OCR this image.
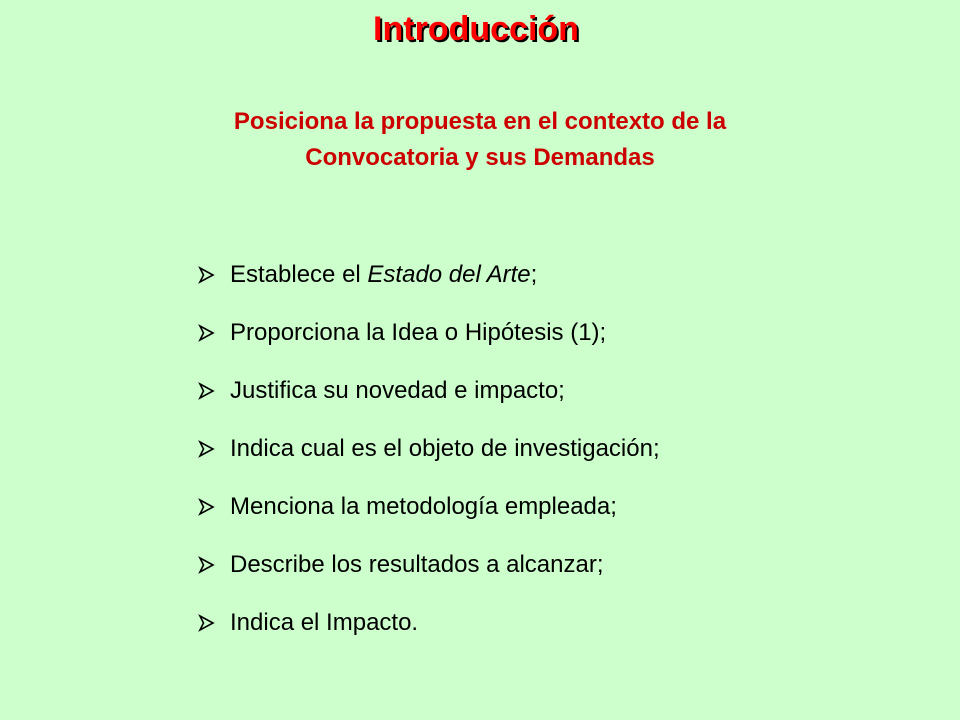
Introducción
Posiciona la propuesta en el contexto de la
Convocatoria y sus Demandas
Establece el Estado del Arte;
Proporciona la Idea o Hipótesis (1);
Justifica su novedad e impacto;
Indica cual es el objeto de investigación;
Menciona la metodología empleada;
Describe los resultados a alcanzar;
Indica el Impacto.
